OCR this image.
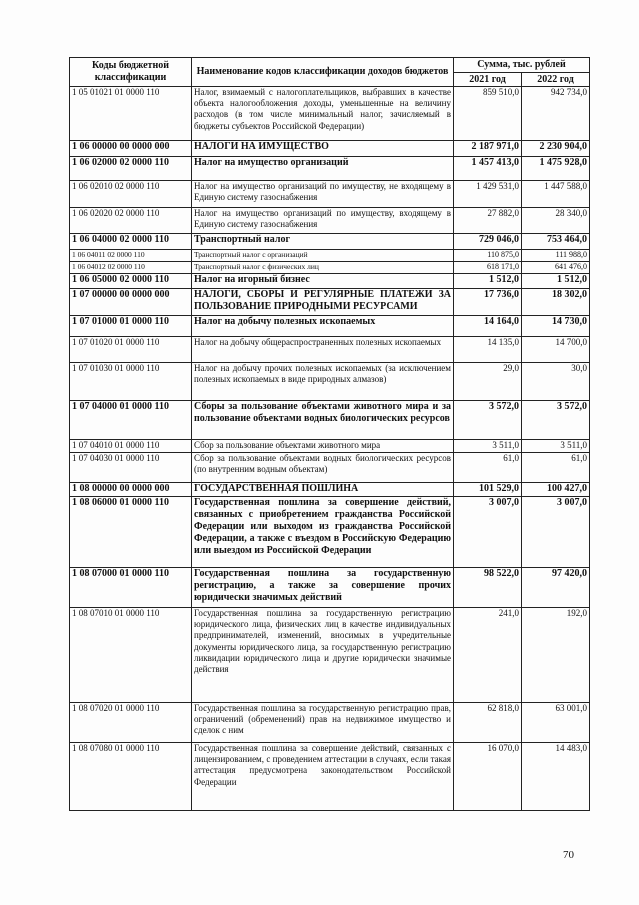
Коды бюджетной классификации	Наименование кодов классификации доходов бюджетов	Сумма, тыс. рублей	
		2021 год	2022 год
1 05 01021 01 0000 110	Налог, взимаемый с налогоплательщиков, выбравших в качестве объекта налогообложения доходы, уменьшенные на величину расходов (в том числе минимальный налог, зачисляемый в бюджеты субъектов Российской Федерации)	859 510,0	942 734,0
1 06 00000 00 0000 000	НАЛОГИ НА ИМУЩЕСТВО	2 187 971,0	2 230 904,0
1 06 02000 02 0000 110	Налог на имущество организаций	1 457 413,0	1 475 928,0
1 06 02010 02 0000 110	Налог на имущество организаций по имуществу, не входящему в Единую систему газоснабжения	1 429 531,0	1 447 588,0
1 06 02020 02 0000 110	Налог на имущество организаций по имуществу, входящему в Единую систему газоснабжения	27 882,0	28 340,0
1 06 04000 02 0000 110	Транспортный налог	729 046,0	753 464,0
1 06 04011 02 0000 110	Транспортный налог с организаций	110 875,0	111 988,0
1 06 04012 02 0000 110	Транспортный налог с физических лиц	618 171,0	641 476,0
1 06 05000 02 0000 110	Налог на игорный бизнес	1 512,0	1 512,0
1 07 00000 00 0000 000	НАЛОГИ, СБОРЫ И РЕГУЛЯРНЫЕ ПЛАТЕЖИ ЗА ПОЛЬЗОВАНИЕ ПРИРОДНЫМИ РЕСУРСАМИ	17 736,0	18 302,0
1 07 01000 01 0000 110	Налог на добычу полезных ископаемых	14 164,0	14 730,0
1 07 01020 01 0000 110	Налог на добычу общераспространенных полезных ископаемых	14 135,0	14 700,0
1 07 01030 01 0000 110	Налог на добычу прочих полезных ископаемых (за исключением полезных ископаемых в виде природных алмазов)	29,0	30,0
1 07 04000 01 0000 110	Сборы за пользование объектами животного мира и за пользование объектами водных биологических ресурсов	3 572,0	3 572,0
1 07 04010 01 0000 110	Сбор за пользование объектами животного мира	3 511,0	3 511,0
1 07 04030 01 0000 110	Сбор за пользование объектами водных биологических ресурсов (по внутренним водным объектам)	61,0	61,0
1 08 00000 00 0000 000	ГОСУДАРСТВЕННАЯ ПОШЛИНА	101 529,0	100 427,0
1 08 06000 01 0000 110	Государственная пошлина за совершение действий, связанных с приобретением гражданства Российской Федерации или выходом из гражданства Российской Федерации, а также с въездом в Российскую Федерацию или выездом из Российской Федерации	3 007,0	3 007,0
1 08 07000 01 0000 110	Государственная пошлина за государственную регистрацию, а также за совершение прочих юридически значимых действий	98 522,0	97 420,0
1 08 07010 01 0000 110	Государственная пошлина за государственную регистрацию юридического лица, физических лиц в качестве индивидуальных предпринимателей, изменений, вносимых в учредительные документы юридического лица, за государственную регистрацию ликвидации юридического лица и другие юридически значимые действия	241,0	192,0
1 08 07020 01 0000 110	Государственная пошлина за государственную регистрацию прав, ограничений (обременений) прав на недвижимое имущество и сделок с ним	62 818,0	63 001,0
1 08 07080 01 0000 110	Государственная пошлина за совершение действий, связанных с лицензированием, с проведением аттестации в случаях, если такая аттестация предусмотрена законодательством Российской Федерации	16 070,0	14 483,0
70
